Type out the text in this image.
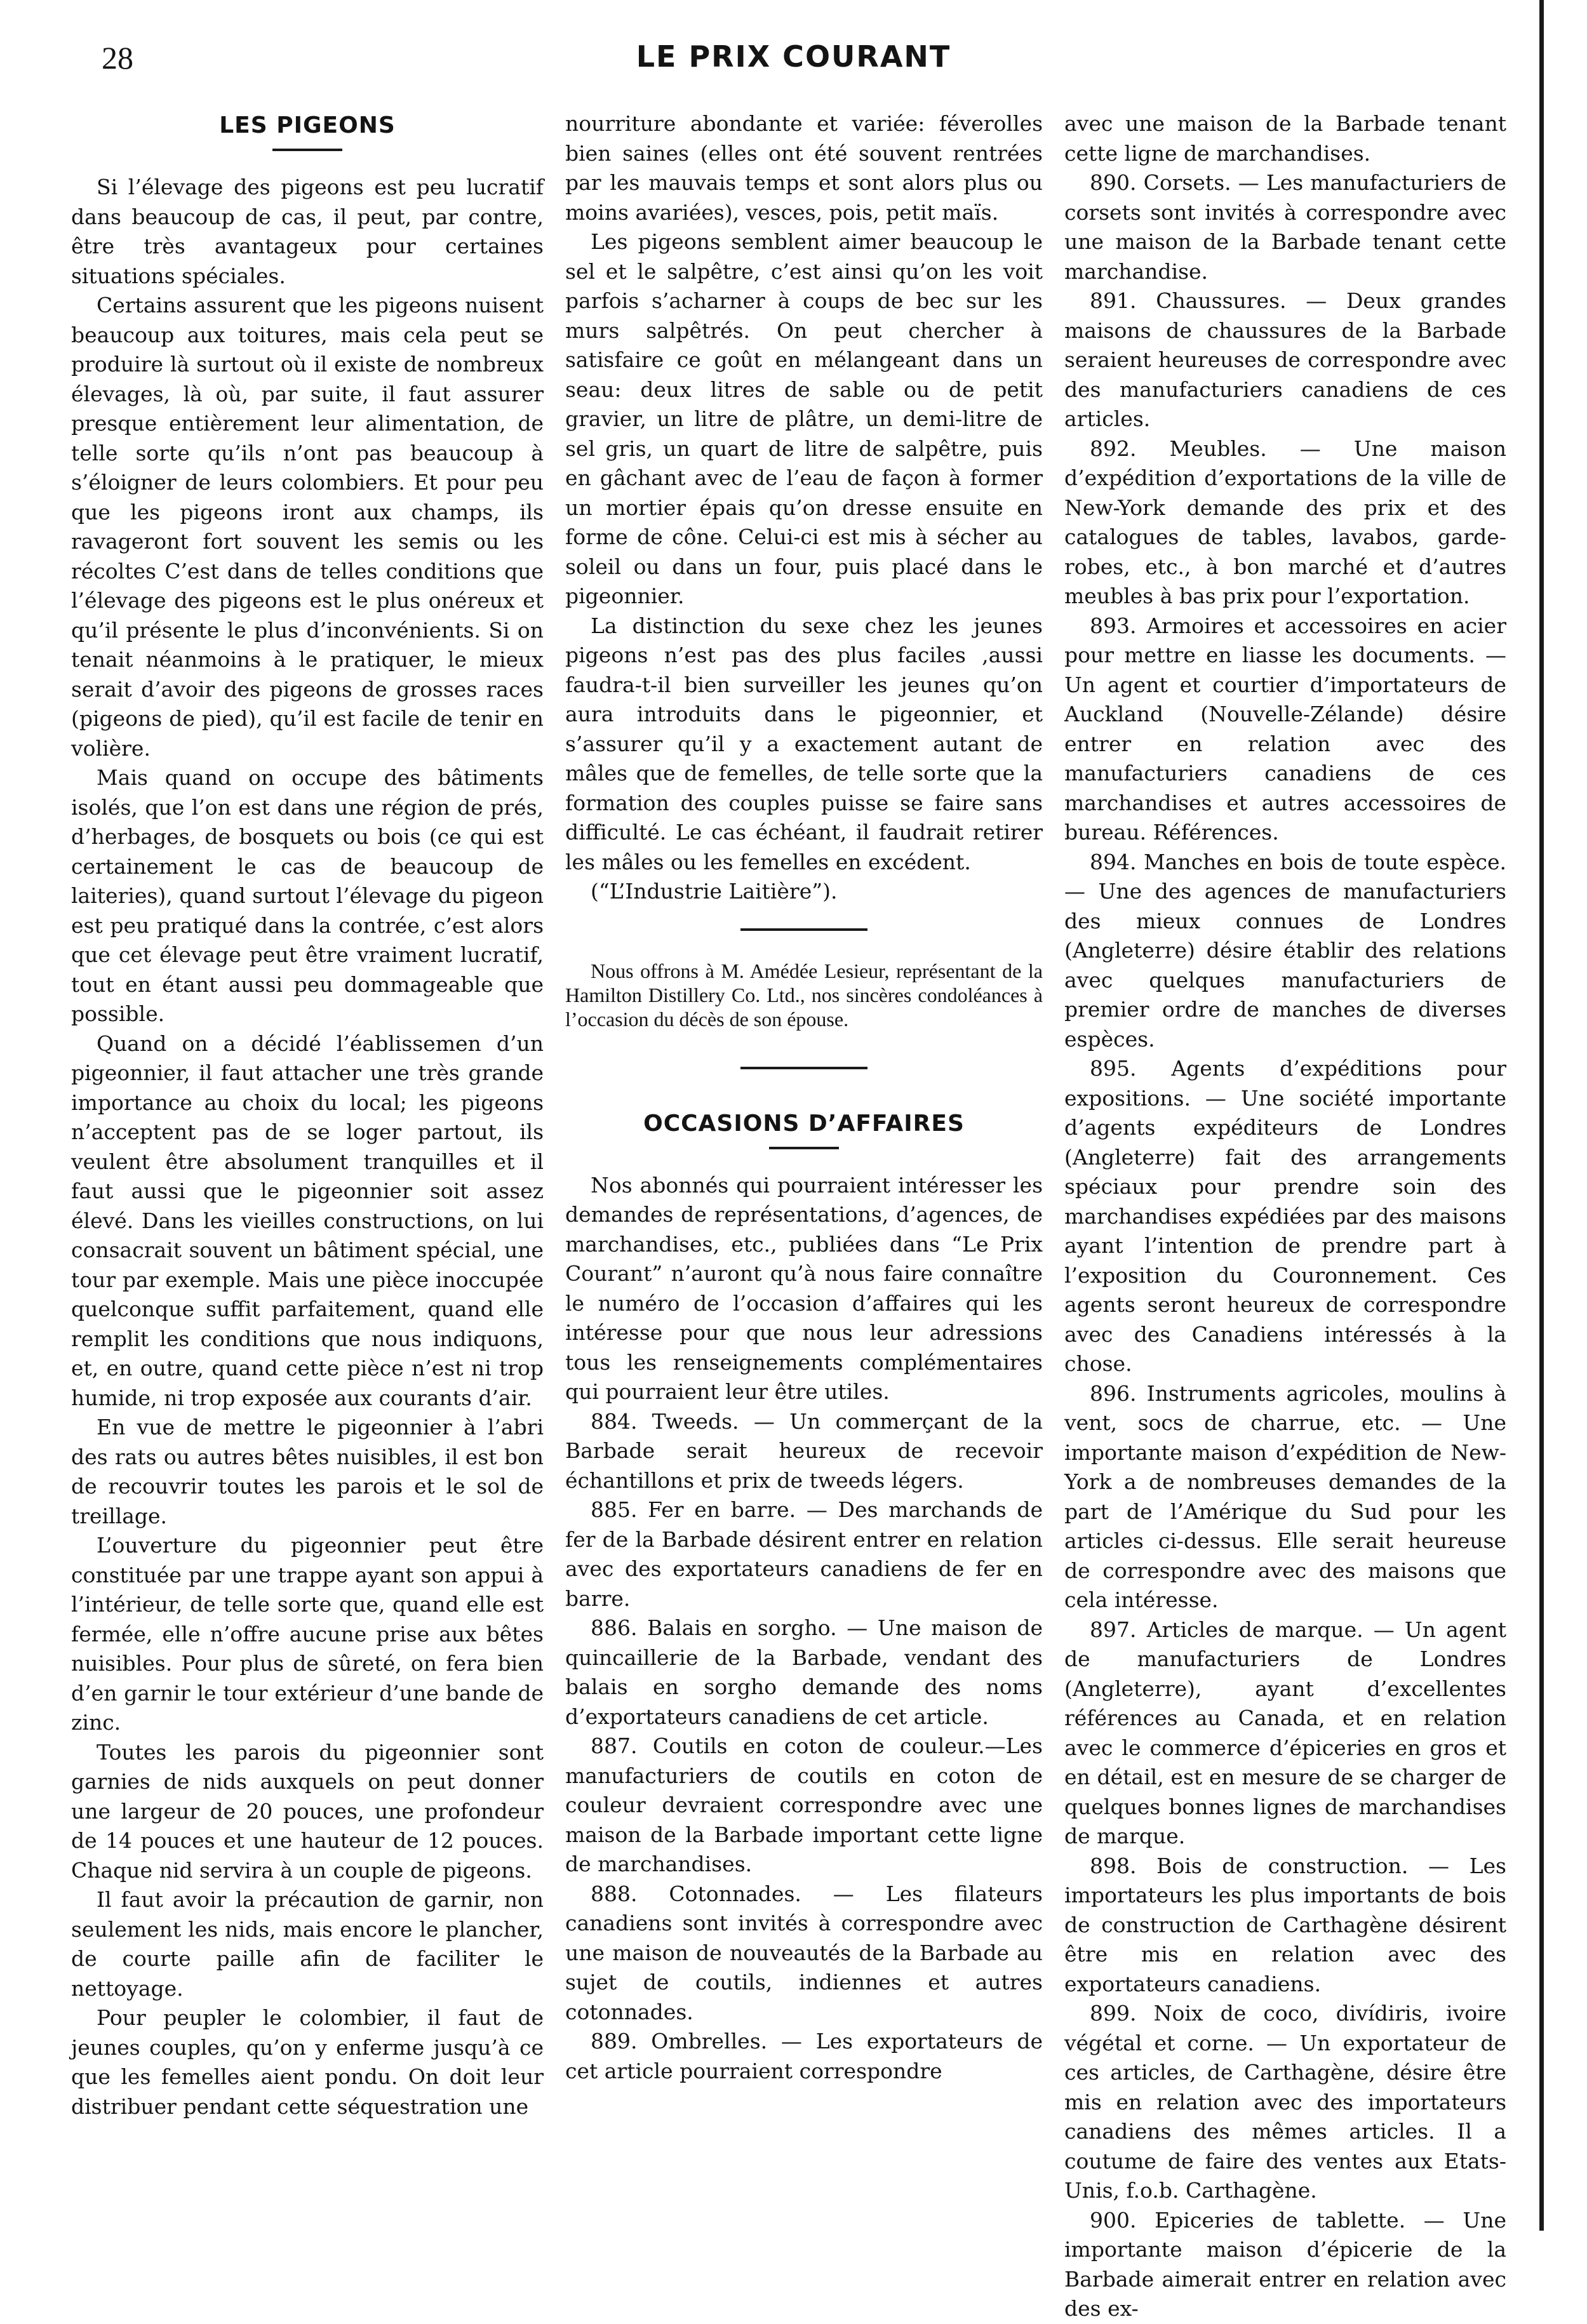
28	LE PRIX COURANT
LES PIGEONS

Si l’élevage des pigeons est peu lucratif dans beaucoup de cas, il peut, par contre, être très avantageux pour certaines situations spéciales.

Certains assurent que les pigeons nuisent beaucoup aux toitures, mais cela peut se produire là surtout où il existe de nombreux élevages, là où, par suite, il faut assurer presque entièrement leur alimentation, de telle sorte qu’ils n’ont pas beaucoup à s’éloigner de leurs colombiers. Et pour peu que les pigeons iront aux champs, ils ravageront fort souvent les semis ou les récoltes C’est dans de telles conditions que l’élevage des pigeons est le plus onéreux et qu’il présente le plus d’inconvénients. Si on tenait néanmoins à le pratiquer, le mieux serait d’avoir des pigeons de grosses races (pigeons de pied), qu’il est facile de tenir en volière.

Mais quand on occupe des bâtiments isolés, que l’on est dans une région de prés, d’herbages, de bosquets ou bois (ce qui est certainement le cas de beaucoup de laiteries), quand surtout l’élevage du pigeon est peu pratiqué dans la contrée, c’est alors que cet élevage peut être vraiment lucratif, tout en étant aussi peu dommageable que possible.

Quand on a décidé l’éablissemen d’un pigeonnier, il faut attacher une très grande importance au choix du local; les pigeons n’acceptent pas de se loger partout, ils veulent être absolument tranquilles et il faut aussi que le pigeonnier soit assez élevé. Dans les vieilles constructions, on lui consacrait souvent un bâtiment spécial, une tour par exemple. Mais une pièce inoccupée quelconque suffit parfaitement, quand elle remplit les conditions que nous indiquons, et, en outre, quand cette pièce n’est ni trop humide, ni trop exposée aux courants d’air.

En vue de mettre le pigeonnier à l’abri des rats ou autres bêtes nuisibles, il est bon de recouvrir toutes les parois et le sol de treillage.

L’ouverture du pigeonnier peut être constituée par une trappe ayant son appui à l’intérieur, de telle sorte que, quand elle est fermée, elle n’offre aucune prise aux bêtes nuisibles. Pour plus de sûreté, on fera bien d’en garnir le tour extérieur d’une bande de zinc.

Toutes les parois du pigeonnier sont garnies de nids auxquels on peut donner une largeur de 20 pouces, une profondeur de 14 pouces et une hauteur de 12 pouces. Chaque nid servira à un couple de pigeons.

Il faut avoir la précaution de garnir, non seulement les nids, mais encore le plancher, de courte paille afin de faciliter le nettoyage.

Pour peupler le colombier, il faut de jeunes couples, qu’on y enferme jusqu’à ce que les femelles aient pondu. On doit leur distribuer pendant cette séquestration une

nourriture abondante et variée: féverolles bien saines (elles ont été souvent rentrées par les mauvais temps et sont alors plus ou moins avariées), vesces, pois, petit maïs.

Les pigeons semblent aimer beaucoup le sel et le salpêtre, c’est ainsi qu’on les voit parfois s’acharner à coups de bec sur les murs salpêtrés. On peut chercher à satisfaire ce goût en mélangeant dans un seau: deux litres de sable ou de petit gravier, un litre de plâtre, un demi-litre de sel gris, un quart de litre de salpêtre, puis en gâchant avec de l’eau de façon à former un mortier épais qu’on dresse ensuite en forme de cône. Celui-ci est mis à sécher au soleil ou dans un four, puis placé dans le pigeonnier.

La distinction du sexe chez les jeunes pigeons n’est pas des plus faciles ,aussi faudra-t-il bien surveiller les jeunes qu’on aura introduits dans le pigeonnier, et s’assurer qu’il y a exactement autant de mâles que de femelles, de telle sorte que la formation des couples puisse se faire sans difficulté. Le cas échéant, il faudrait retirer les mâles ou les femelles en excédent.

(“L’Industrie Laitière”).

Nous offrons à M. Amédée Lesieur, représentant de la Hamilton Distillery Co. Ltd., nos sincères condoléances à l’occasion du décès de son épouse.

OCCASIONS D’AFFAIRES

Nos abonnés qui pourraient intéresser les demandes de représentations, d’agences, de marchandises, etc., publiées dans “Le Prix Courant” n’auront qu’à nous faire connaître le numéro de l’occasion d’affaires qui les intéresse pour que nous leur adressions tous les renseignements complémentaires qui pourraient leur être utiles.

884. Tweeds. — Un commerçant de la Barbade serait heureux de recevoir échantillons et prix de tweeds légers.

885. Fer en barre. — Des marchands de fer de la Barbade désirent entrer en relation avec des exportateurs canadiens de fer en barre.

886. Balais en sorgho. — Une maison de quincaillerie de la Barbade, vendant des balais en sorgho demande des noms d’exportateurs canadiens de cet article.

887. Coutils en coton de couleur.—Les manufacturiers de coutils en coton de couleur devraient correspondre avec une maison de la Barbade important cette ligne de marchandises.

888. Cotonnades. — Les filateurs canadiens sont invités à correspondre avec une maison de nouveautés de la Barbade au sujet de coutils, indiennes et autres cotonnades.

889. Ombrelles. — Les exportateurs de cet article pourraient correspondre

avec une maison de la Barbade tenant cette ligne de marchandises.

890. Corsets. — Les manufacturiers de corsets sont invités à correspondre avec une maison de la Barbade tenant cette marchandise.

891. Chaussures. — Deux grandes maisons de chaussures de la Barbade seraient heureuses de correspondre avec des manufacturiers canadiens de ces articles.

892. Meubles. — Une maison d’expédition d’exportations de la ville de New-York demande des prix et des catalogues de tables, lavabos, garde-robes, etc., à bon marché et d’autres meubles à bas prix pour l’exportation.

893. Armoires et accessoires en acier pour mettre en liasse les documents. — Un agent et courtier d’importateurs de Auckland (Nouvelle-Zélande) désire entrer en relation avec des manufacturiers canadiens de ces marchandises et autres accessoires de bureau. Références.

894. Manches en bois de toute espèce. — Une des agences de manufacturiers des mieux connues de Londres (Angleterre) désire établir des relations avec quelques manufacturiers de premier ordre de manches de diverses espèces.

895. Agents d’expéditions pour expositions. — Une société importante d’agents expéditeurs de Londres (Angleterre) fait des arrangements spéciaux pour prendre soin des marchandises expédiées par des maisons ayant l’intention de prendre part à l’exposition du Couronnement. Ces agents seront heureux de correspondre avec des Canadiens intéressés à la chose.

896. Instruments agricoles, moulins à vent, socs de charrue, etc. — Une importante maison d’expédition de New-York a de nombreuses demandes de la part de l’Amérique du Sud pour les articles ci-dessus. Elle serait heureuse de correspondre avec des maisons que cela intéresse.

897. Articles de marque. — Un agent de manufacturiers de Londres (Angleterre), ayant d’excellentes références au Canada, et en relation avec le commerce d’épiceries en gros et en détail, est en mesure de se charger de quelques bonnes lignes de marchandises de marque.

898. Bois de construction. — Les importateurs les plus importants de bois de construction de Carthagène désirent être mis en relation avec des exportateurs canadiens.

899. Noix de coco, divídiris, ivoire végétal et corne. — Un exportateur de ces articles, de Carthagène, désire être mis en relation avec des importateurs canadiens des mêmes articles. Il a coutume de faire des ventes aux Etats-Unis, f.o.b. Carthagène.

900. Epiceries de tablette. — Une importante maison d’épicerie de la Barbade aimerait entrer en relation avec des ex-
